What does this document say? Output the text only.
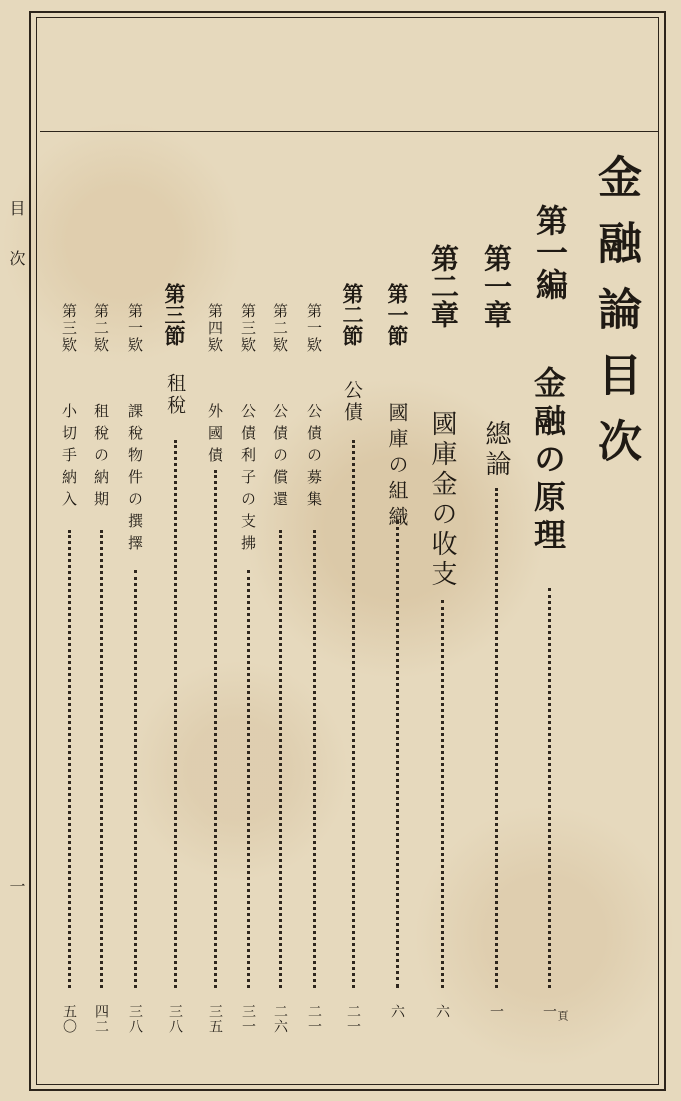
目次
一
金融論目次
第一編
金融の原理
一 頁
第一章
總論
一
第二章
國庫金の收支
六
第一節
國庫の組織
六
第二節
公債
二一
第一欵
公債の募集
二一
第二欵
公債の償還
二六
第三欵
公債利子の支拂
三一
第四欵
外國債
三五
第三節
租稅
三八
第一欵
課稅物件の撰擇
三八
第二欵
租稅の納期
四二
第三欵
小切手納入
五〇
